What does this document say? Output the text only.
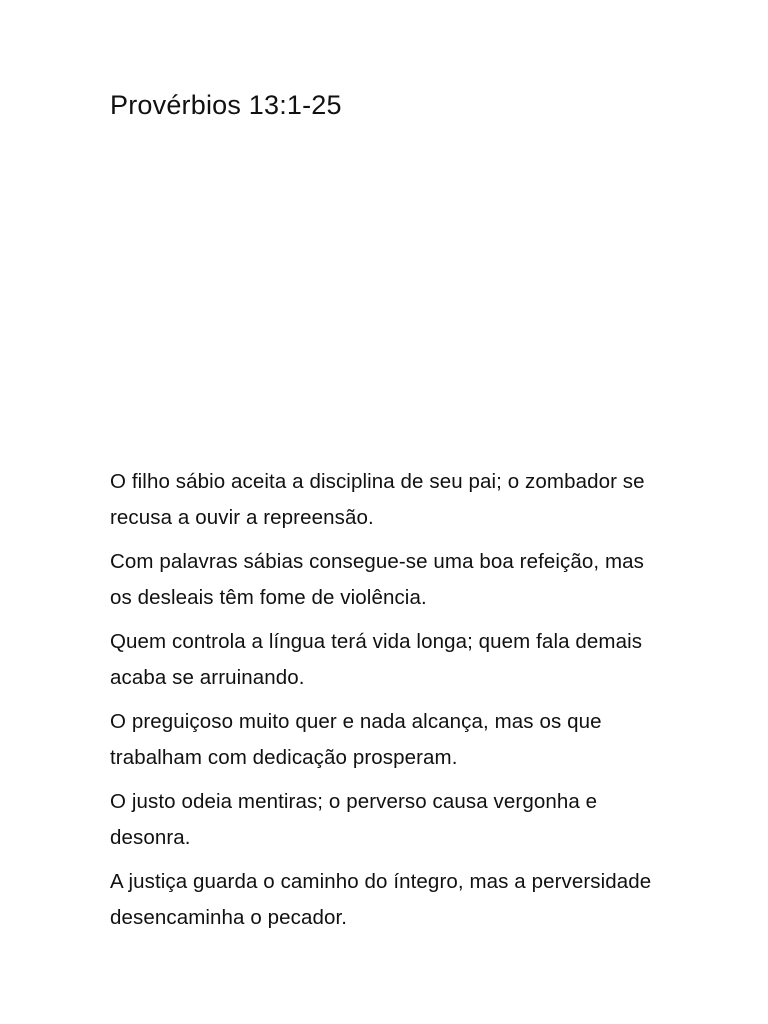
Provérbios 13:1-25

O filho sábio aceita a disciplina de seu pai; o zombador se recusa a ouvir a repreensão.

Com palavras sábias consegue-se uma boa refeição, mas os desleais têm fome de violência.

Quem controla a língua terá vida longa; quem fala demais acaba se arruinando.

O preguiçoso muito quer e nada alcança, mas os que trabalham com dedicação prosperam.

O justo odeia mentiras; o perverso causa vergonha e desonra.

A justiça guarda o caminho do íntegro, mas a perversidade desencaminha o pecador.
